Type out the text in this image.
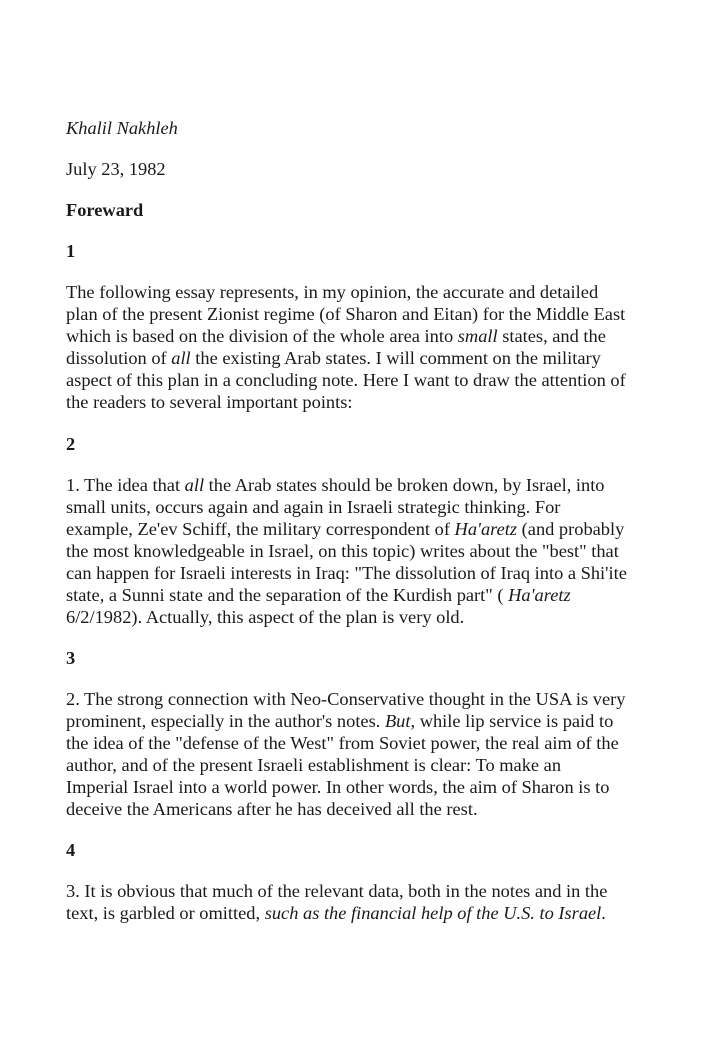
Khalil Nakhleh
July 23, 1982
Foreward
1
The following essay represents, in my opinion, the accurate and detailed
plan of the present Zionist regime (of Sharon and Eitan) for the Middle East
which is based on the division of the whole area into small states, and the
dissolution of all the existing Arab states. I will comment on the military
aspect of this plan in a concluding note. Here I want to draw the attention of
the readers to several important points:
2
1. The idea that all the Arab states should be broken down, by Israel, into
small units, occurs again and again in Israeli strategic thinking. For
example, Ze'ev Schiff, the military correspondent of Ha'aretz (and probably
the most knowledgeable in Israel, on this topic) writes about the "best" that
can happen for Israeli interests in Iraq: "The dissolution of Iraq into a Shi'ite
state, a Sunni state and the separation of the Kurdish part" ( Ha'aretz
6/2/1982). Actually, this aspect of the plan is very old.
3
2. The strong connection with Neo-Conservative thought in the USA is very
prominent, especially in the author's notes. But, while lip service is paid to
the idea of the "defense of the West" from Soviet power, the real aim of the
author, and of the present Israeli establishment is clear: To make an
Imperial Israel into a world power. In other words, the aim of Sharon is to
deceive the Americans after he has deceived all the rest.
4
3. It is obvious that much of the relevant data, both in the notes and in the
text, is garbled or omitted, such as the financial help of the U.S. to Israel.
